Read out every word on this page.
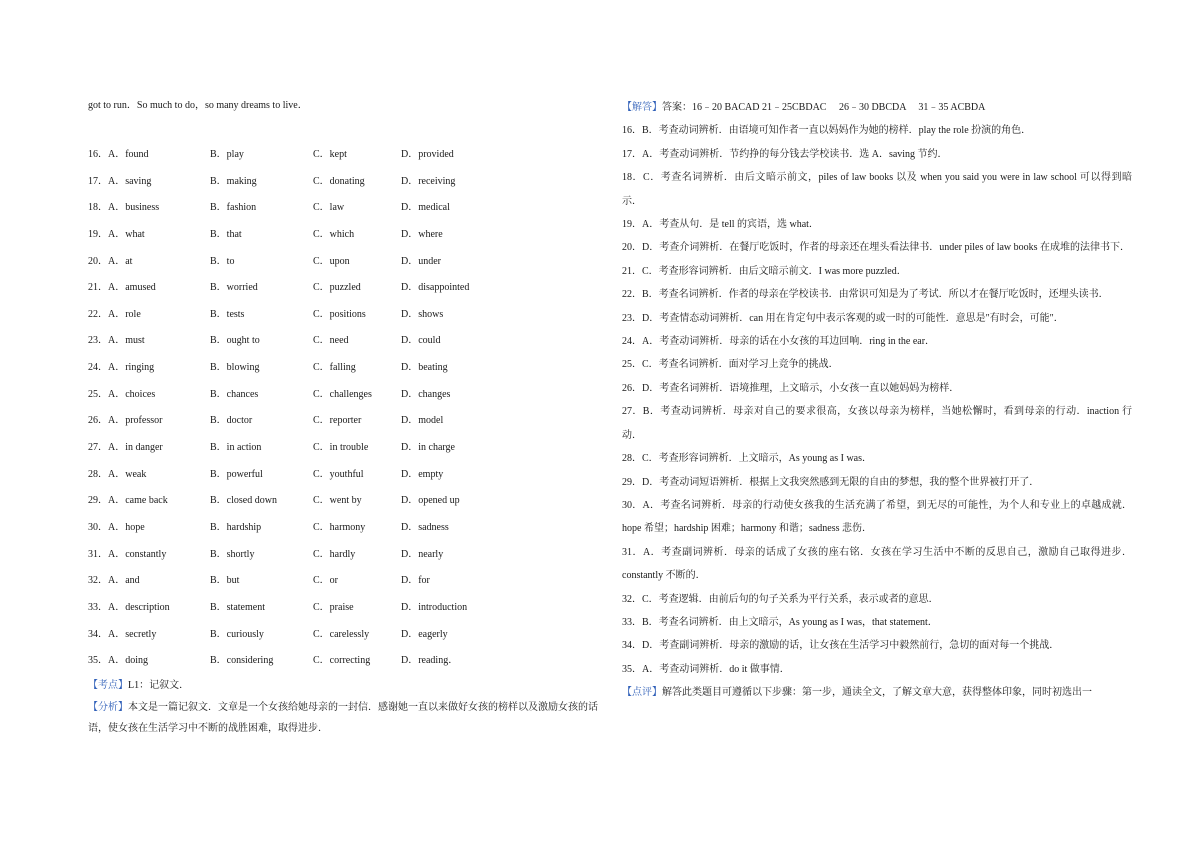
got to run．So much to do，so many dreams to live．
16．A．found	B．play	C．kept	D．provided
17．A．saving	B．making	C．donating	D．receiving
18．A．business	B．fashion	C．law	D．medical
19．A．what	B．that	C．which	D．where
20．A．at	B．to	C．upon	D．under
21．A．amused	B．worried	C．puzzled	D．disappointed
22．A．role	B．tests	C．positions	D．shows
23．A．must	B．ought to	C．need	D．could
24．A．ringing	B．blowing	C．falling	D．beating
25．A．choices	B．chances	C．challenges	D．changes
26．A．professor	B．doctor	C．reporter	D．model
27．A．in danger	B．in action	C．in trouble	D．in charge
28．A．weak	B．powerful	C．youthful	D．empty
29．A．came back	B．closed down	C．went by	D．opened up
30．A．hope	B．hardship	C．harmony	D．sadness
31．A．constantly	B．shortly	C．hardly	D．nearly
32．A．and	B．but	C．or	D．for
33．A．description	B．statement	C．praise	D．introduction
34．A．secretly	B．curiously	C．carelessly	D．eagerly
35．A．doing	B．considering	C．correcting	D．reading．
【考点】L1：记叙文．
【分析】本文是一篇记叙文．文章是一个女孩给她母亲的一封信．感谢她一直以来做好女孩的榜样以及激励女孩的话语，使女孩在生活学习中不断的战胜困难，取得进步．
【解答】答案：16﹣20 BACAD 21﹣25CBDAC　 26﹣30 DBCDA　 31﹣35 ACBDA
16．B．考查动词辨析．由语境可知作者一直以妈妈作为她的榜样．play the role 扮演的角色．
17．A．考查动词辨析．节约挣的每分钱去学校读书．选 A．saving 节约．
18．C．考查名词辨析．由后文暗示前文，piles of law books 以及 when you said you were in law school 可以得到暗示．
19．A．考查从句．是 tell 的宾语，选 what．
20．D．考查介词辨析．在餐厅吃饭时，作者的母亲还在埋头看法律书．under piles of law books 在成堆的法律书下．
21．C．考查形容词辨析．由后文暗示前文．I was more puzzled．
22．B．考查名词辨析．作者的母亲在学校读书．由常识可知是为了考试．所以才在餐厅吃饭时，还埋头读书．
23．D．考查情态动词辨析．can 用在肯定句中表示客观的或一时的可能性．意思是"有时会，可能"．
24．A．考查动词辨析．母亲的话在小女孩的耳边回响．ring in the ear．
25．C．考查名词辨析．面对学习上竞争的挑战．
26．D．考查名词辨析．语境推理，上文暗示，小女孩一直以她妈妈为榜样．
27．B．考查动词辨析．母亲对自己的要求很高，女孩以母亲为榜样，当她松懈时，看到母亲的行动．inaction 行动．
28．C．考查形容词辨析．上文暗示，As young as I was．
29．D．考查动词短语辨析．根据上文我突然感到无限的自由的梦想，我的整个世界被打开了．
30．A．考查名词辨析．母亲的行动使女孩我的生活充满了希望，到无尽的可能性，为个人和专业上的卓越成就．hope 希望；hardship 困难；harmony 和谐；sadness 悲伤．
31．A．考查副词辨析．母亲的话成了女孩的座右铭．女孩在学习生活中不断的反思自己，激励自己取得进步．constantly 不断的．
32．C．考查逻辑．由前后句的句子关系为平行关系，表示或者的意思．
33．B．考查名词辨析．由上文暗示，As young as I was，that statement．
34．D．考查副词辨析．母亲的激励的话，让女孩在生活学习中毅然前行，急切的面对每一个挑战．
35．A．考查动词辨析．do it 做事情．
【点评】解答此类题目可遵循以下步骤：第一步，通读全文，了解文章大意，获得整体印象，同时初选出一
